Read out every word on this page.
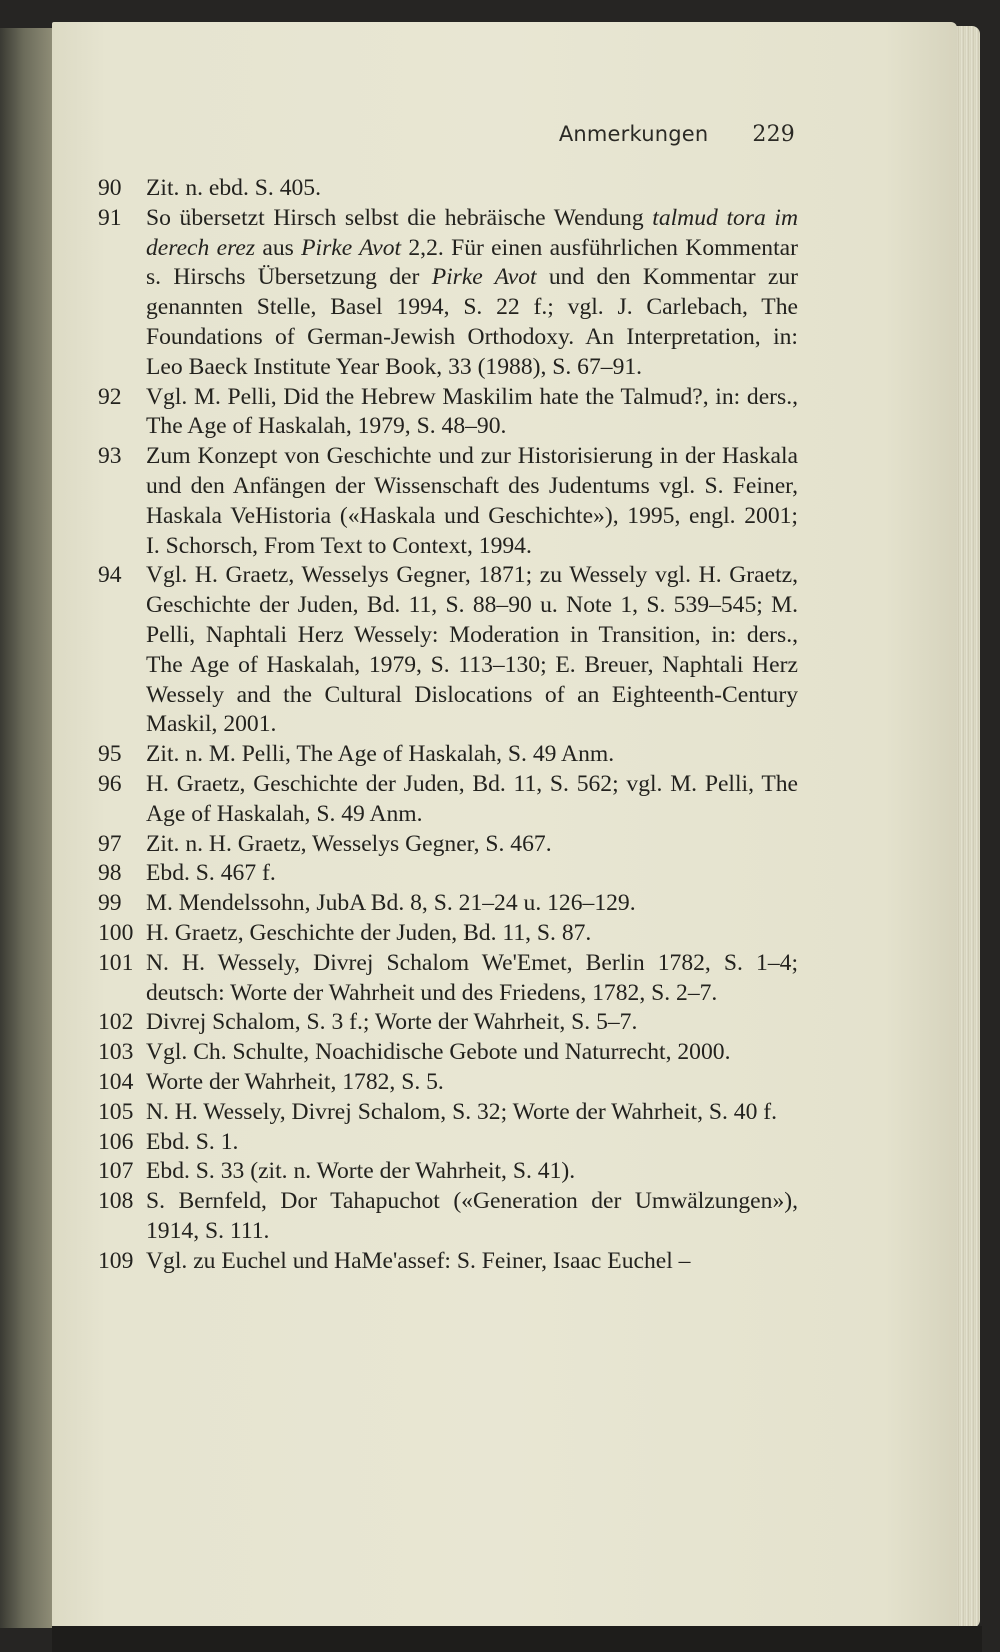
Anmerkungen 229
90	Zit. n. ebd. S. 405.
91	So übersetzt Hirsch selbst die hebräische Wendung talmud tora im derech erez aus Pirke Avot 2,2. Für einen ausführlichen Kommentar s. Hirschs Übersetzung der Pirke Avot und den Kommentar zur genannten Stelle, Basel 1994, S. 22 f.; vgl. J. Carlebach, The Foundations of German-Jewish Orthodoxy. An Interpretation, in: Leo Baeck Institute Year Book, 33 (1988), S. 67–91.
92	Vgl. M. Pelli, Did the Hebrew Maskilim hate the Talmud?, in: ders., The Age of Haskalah, 1979, S. 48–90.
93	Zum Konzept von Geschichte und zur Historisierung in der Haskala und den Anfängen der Wissenschaft des Judentums vgl. S. Feiner, Haskala VeHistoria («Haskala und Geschichte»), 1995, engl. 2001; I. Schorsch, From Text to Context, 1994.
94	Vgl. H. Graetz, Wesselys Gegner, 1871; zu Wessely vgl. H. Graetz, Geschichte der Juden, Bd. 11, S. 88–90 u. Note 1, S. 539–545; M. Pelli, Naphtali Herz Wessely: Moderation in Transition, in: ders., The Age of Haskalah, 1979, S. 113–130; E. Breuer, Naphtali Herz Wessely and the Cultural Dislocations of an Eighteenth-Century Maskil, 2001.
95	Zit. n. M. Pelli, The Age of Haskalah, S. 49 Anm.
96	H. Graetz, Geschichte der Juden, Bd. 11, S. 562; vgl. M. Pelli, The Age of Haskalah, S. 49 Anm.
97	Zit. n. H. Graetz, Wesselys Gegner, S. 467.
98	Ebd. S. 467 f.
99	M. Mendelssohn, JubA Bd. 8, S. 21–24 u. 126–129.
100 H. Graetz, Geschichte der Juden, Bd. 11, S. 87.
101 N. H. Wessely, Divrej Schalom We'Emet, Berlin 1782, S. 1–4; deutsch: Worte der Wahrheit und des Friedens, 1782, S. 2–7.
102 Divrej Schalom, S. 3 f.; Worte der Wahrheit, S. 5–7.
103 Vgl. Ch. Schulte, Noachidische Gebote und Naturrecht, 2000.
104 Worte der Wahrheit, 1782, S. 5.
105 N. H. Wessely, Divrej Schalom, S. 32; Worte der Wahrheit, S. 40 f.
106 Ebd. S. 1.
107 Ebd. S. 33 (zit. n. Worte der Wahrheit, S. 41).
108 S. Bernfeld, Dor Tahapuchot («Generation der Umwälzungen»), 1914, S. 111.
109 Vgl. zu Euchel und HaMe'assef: S. Feiner, Isaac Euchel –
